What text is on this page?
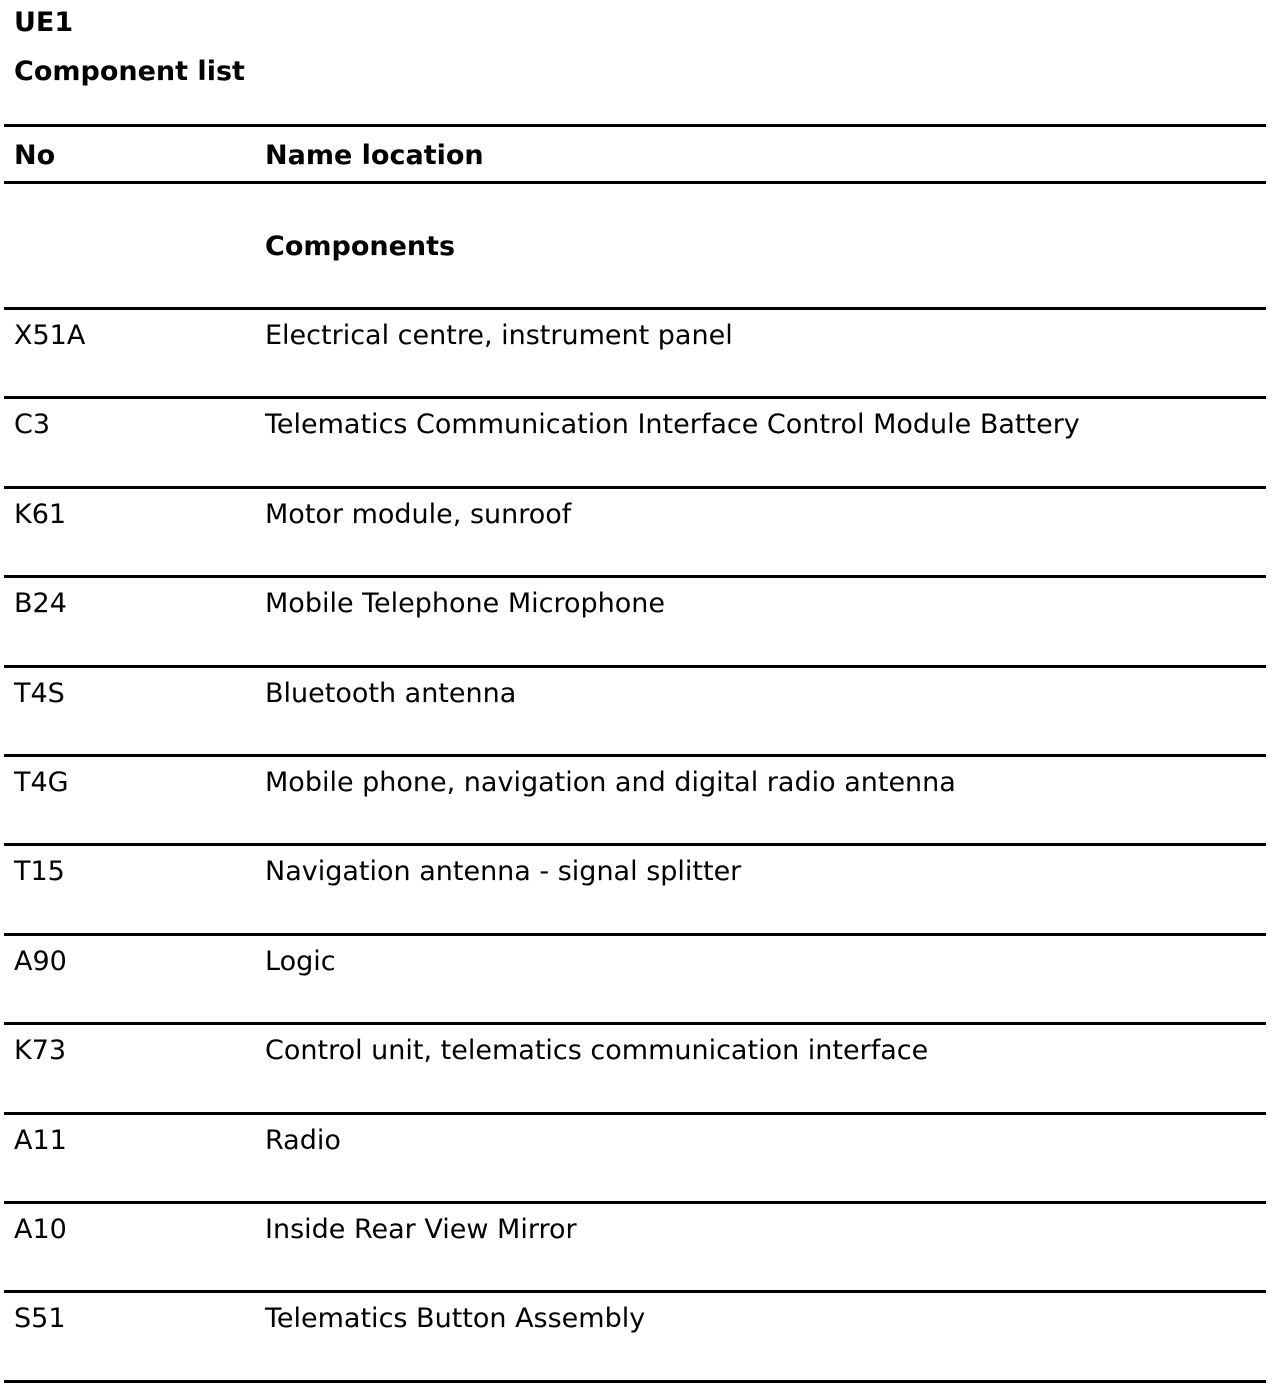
UE1
Component list
No	Name location
Components
X51A	Electrical centre, instrument panel
C3	Telematics Communication Interface Control Module Battery
K61	Motor module, sunroof
B24	Mobile Telephone Microphone
T4S	Bluetooth antenna
T4G	Mobile phone, navigation and digital radio antenna
T15	Navigation antenna - signal splitter
A90	Logic
K73	Control unit, telematics communication interface
A11	Radio
A10	Inside Rear View Mirror
S51	Telematics Button Assembly
